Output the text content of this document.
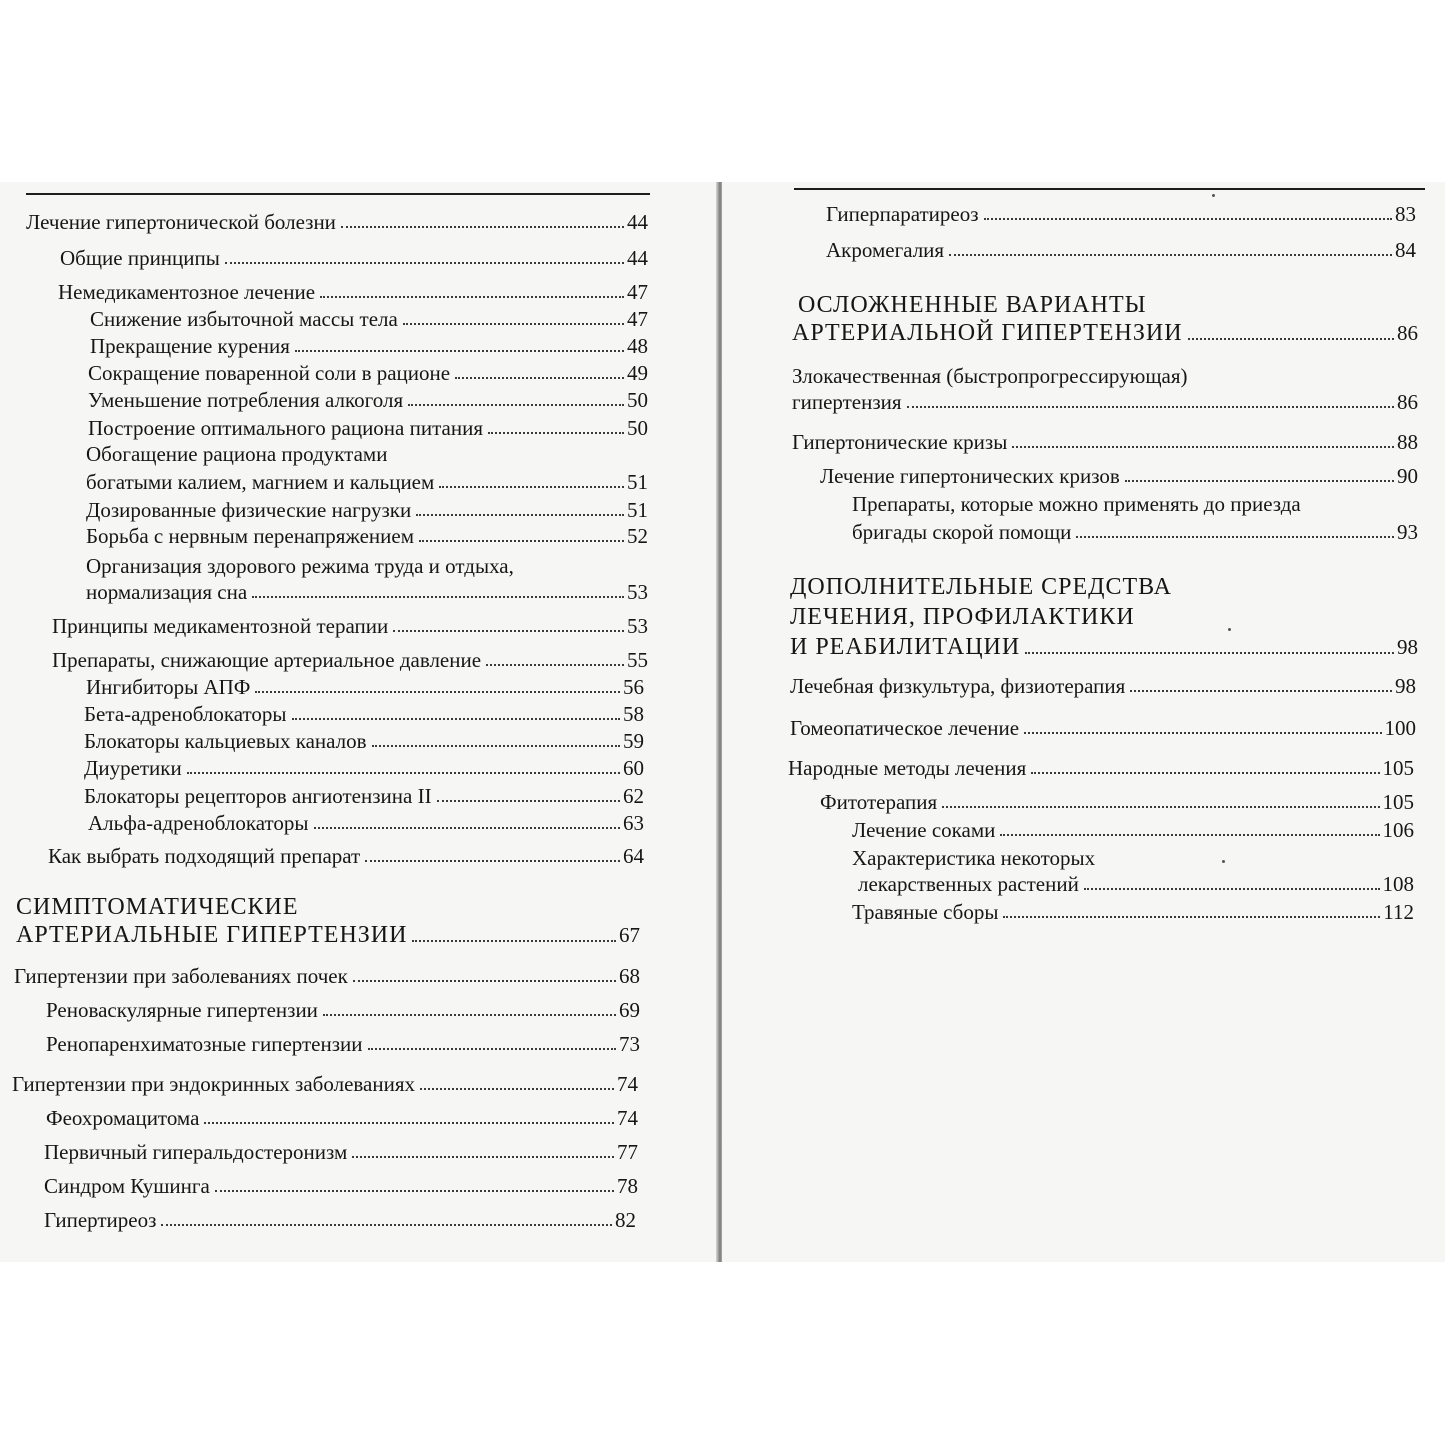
Лечение гипертонической болезни	44
Общие принципы	44
Немедикаментозное лечение	47
Снижение избыточной массы тела	47
Прекращение курения	48
Сокращение поваренной соли в рационе	49
Уменьшение потребления алкоголя	50
Построение оптимального рациона питания	50
Обогащение рациона продуктами
богатыми калием, магнием и кальцием	51
Дозированные физические нагрузки	51
Борьба с нервным перенапряжением	52
Организация здорового режима труда и отдыха,
нормализация сна	53
Принципы медикаментозной терапии	53
Препараты, снижающие артериальное давление	55
Ингибиторы АПФ	56
Бета-адреноблокаторы	58
Блокаторы кальциевых каналов	59
Диуретики	60
Блокаторы рецепторов ангиотензина II	62
Альфа-адреноблокаторы	63
Как выбрать подходящий препарат	64
СИМПТОМАТИЧЕСКИЕ
АРТЕРИАЛЬНЫЕ ГИПЕРТЕНЗИИ	67
Гипертензии при заболеваниях почек	68
Реноваскулярные гипертензии	69
Ренопаренхиматозные гипертензии	73
Гипертензии при эндокринных заболеваниях	74
Феохромацитома	74
Первичный гиперальдостеронизм	77
Синдром Кушинга	78
Гипертиреоз	82
Гиперпаратиреоз	83
Акромегалия	84
ОСЛОЖНЕННЫЕ ВАРИАНТЫ
АРТЕРИАЛЬНОЙ ГИПЕРТЕНЗИИ	86
Злокачественная (быстропрогрессирующая)
гипертензия	86
Гипертонические кризы	88
Лечение гипертонических кризов	90
Препараты, которые можно применять до приезда
бригады скорой помощи	93
ДОПОЛНИТЕЛЬНЫЕ СРЕДСТВА
ЛЕЧЕНИЯ, ПРОФИЛАКТИКИ
И РЕАБИЛИТАЦИИ	98
Лечебная физкультура, физиотерапия	98
Гомеопатическое лечение	100
Народные методы лечения	105
Фитотерапия	105
Лечение соками	106
Характеристика некоторых
лекарственных растений	108
Травяные сборы	112
